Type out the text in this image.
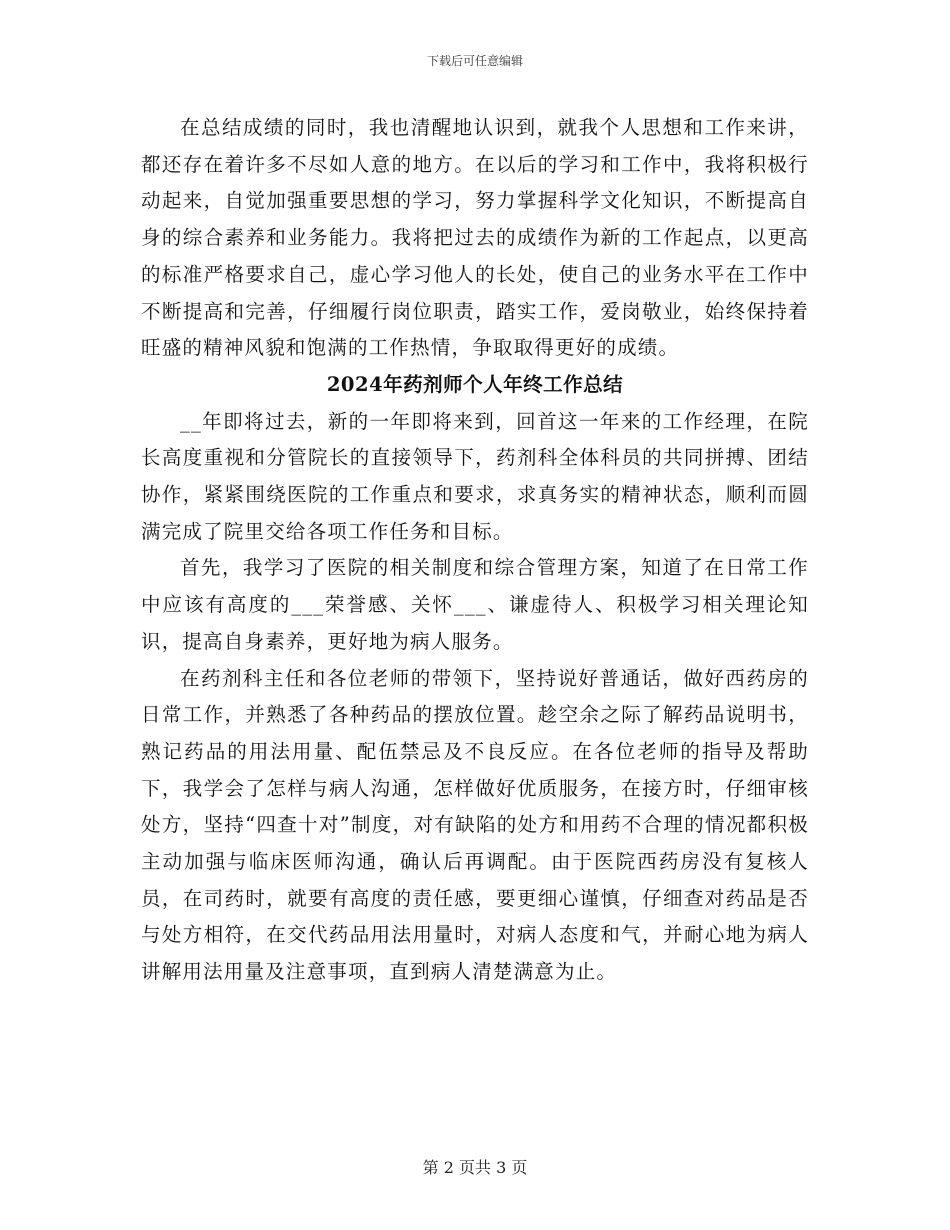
下载后可任意编辑

在总结成绩的同时，我也清醒地认识到，就我个人思想和工作来讲，都还存在着许多不尽如人意的地方。在以后的学习和工作中，我将积极行动起来，自觉加强重要思想的学习，努力掌握科学文化知识，不断提高自身的综合素养和业务能力。我将把过去的成绩作为新的工作起点，以更高的标准严格要求自己，虚心学习他人的长处，使自己的业务水平在工作中不断提高和完善，仔细履行岗位职责，踏实工作，爱岗敬业，始终保持着旺盛的精神风貌和饱满的工作热情，争取取得更好的成绩。

2024年药剂师个人年终工作总结

__年即将过去，新的一年即将来到，回首这一年来的工作经理，在院长高度重视和分管院长的直接领导下，药剂科全体科员的共同拼搏、团结协作，紧紧围绕医院的工作重点和要求，求真务实的精神状态，顺利而圆满完成了院里交给各项工作任务和目标。

首先，我学习了医院的相关制度和综合管理方案，知道了在日常工作中应该有高度的___荣誉感、关怀___、谦虚待人、积极学习相关理论知识，提高自身素养，更好地为病人服务。

在药剂科主任和各位老师的带领下，坚持说好普通话，做好西药房的日常工作，并熟悉了各种药品的摆放位置。趁空余之际了解药品说明书，熟记药品的用法用量、配伍禁忌及不良反应。在各位老师的指导及帮助下，我学会了怎样与病人沟通，怎样做好优质服务，在接方时，仔细审核处方，坚持“四查十对”制度，对有缺陷的处方和用药不合理的情况都积极主动加强与临床医师沟通，确认后再调配。由于医院西药房没有复核人员，在司药时，就要有高度的责任感，要更细心谨慎，仔细查对药品是否与处方相符，在交代药品用法用量时，对病人态度和气，并耐心地为病人讲解用法用量及注意事项，直到病人清楚满意为止。

第 2 页共 3 页
